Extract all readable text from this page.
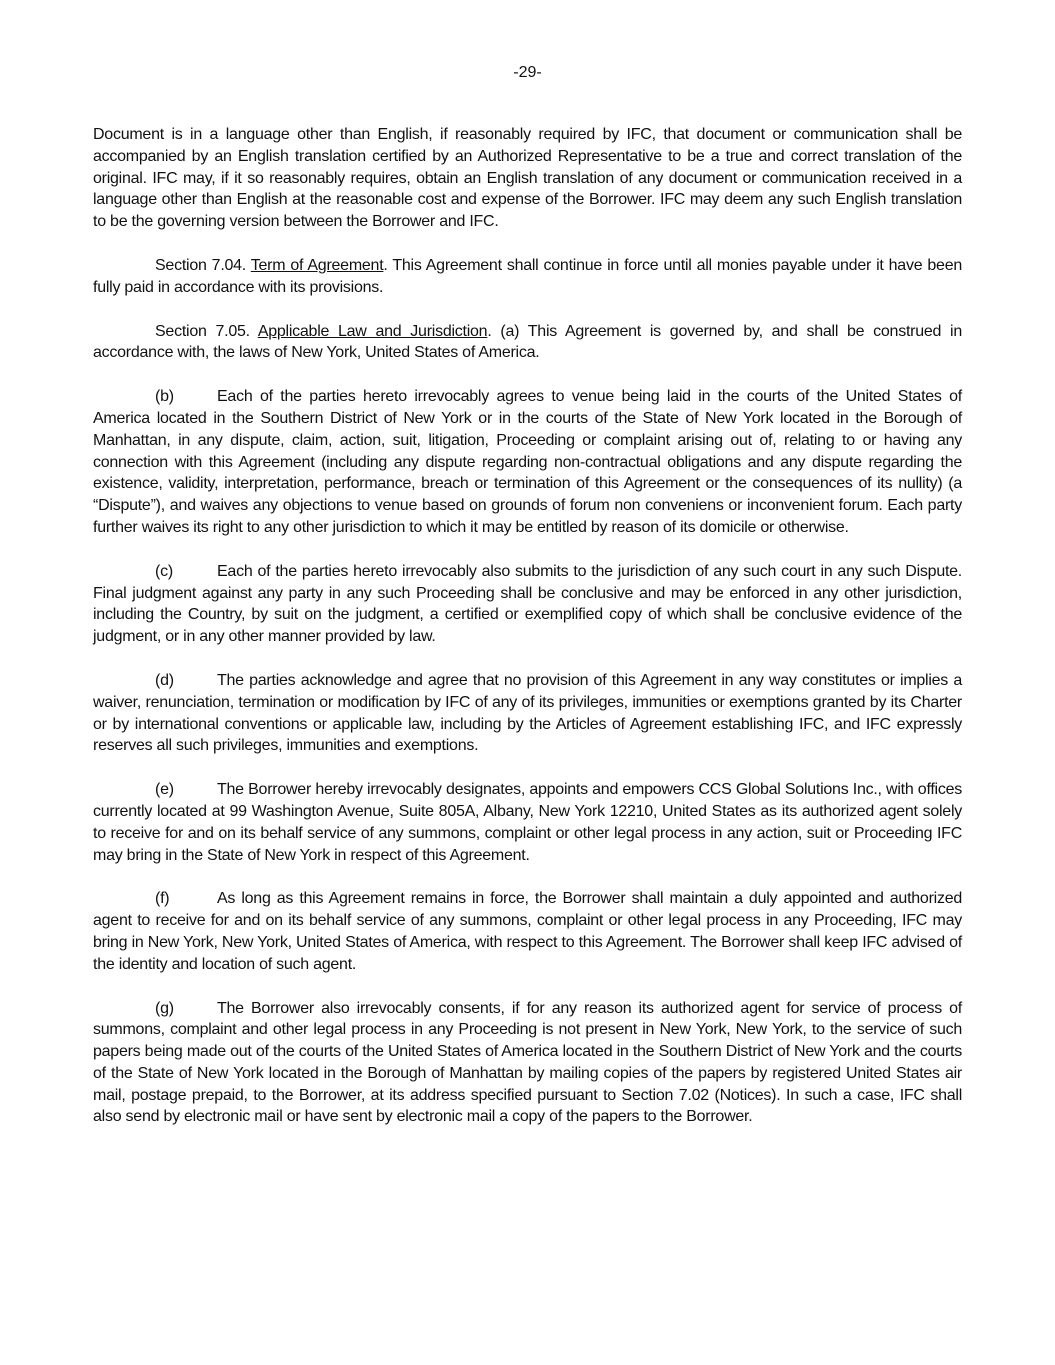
-29-

Document is in a language other than English, if reasonably required by IFC, that document or communication shall be accompanied by an English translation certified by an Authorized Representative to be a true and correct translation of the original. IFC may, if it so reasonably requires, obtain an English translation of any document or communication received in a language other than English at the reasonable cost and expense of the Borrower. IFC may deem any such English translation to be the governing version between the Borrower and IFC.

Section 7.04. Term of Agreement. This Agreement shall continue in force until all monies payable under it have been fully paid in accordance with its provisions.

Section 7.05. Applicable Law and Jurisdiction. (a) This Agreement is governed by, and shall be construed in accordance with, the laws of New York, United States of America.

(b)	Each of the parties hereto irrevocably agrees to venue being laid in the courts of the United States of America located in the Southern District of New York or in the courts of the State of New York located in the Borough of Manhattan, in any dispute, claim, action, suit, litigation, Proceeding or complaint arising out of, relating to or having any connection with this Agreement (including any dispute regarding non-contractual obligations and any dispute regarding the existence, validity, interpretation, performance, breach or termination of this Agreement or the consequences of its nullity) (a “Dispute”), and waives any objections to venue based on grounds of forum non conveniens or inconvenient forum. Each party further waives its right to any other jurisdiction to which it may be entitled by reason of its domicile or otherwise.

(c)	Each of the parties hereto irrevocably also submits to the jurisdiction of any such court in any such Dispute. Final judgment against any party in any such Proceeding shall be conclusive and may be enforced in any other jurisdiction, including the Country, by suit on the judgment, a certified or exemplified copy of which shall be conclusive evidence of the judgment, or in any other manner provided by law.

(d)	The parties acknowledge and agree that no provision of this Agreement in any way constitutes or implies a waiver, renunciation, termination or modification by IFC of any of its privileges, immunities or exemptions granted by its Charter or by international conventions or applicable law, including by the Articles of Agreement establishing IFC, and IFC expressly reserves all such privileges, immunities and exemptions.

(e)	The Borrower hereby irrevocably designates, appoints and empowers CCS Global Solutions Inc., with offices currently located at 99 Washington Avenue, Suite 805A, Albany, New York 12210, United States as its authorized agent solely to receive for and on its behalf service of any summons, complaint or other legal process in any action, suit or Proceeding IFC may bring in the State of New York in respect of this Agreement.

(f)	As long as this Agreement remains in force, the Borrower shall maintain a duly appointed and authorized agent to receive for and on its behalf service of any summons, complaint or other legal process in any Proceeding, IFC may bring in New York, New York, United States of America, with respect to this Agreement. The Borrower shall keep IFC advised of the identity and location of such agent.

(g)	The Borrower also irrevocably consents, if for any reason its authorized agent for service of process of summons, complaint and other legal process in any Proceeding is not present in New York, New York, to the service of such papers being made out of the courts of the United States of America located in the Southern District of New York and the courts of the State of New York located in the Borough of Manhattan by mailing copies of the papers by registered United States air mail, postage prepaid, to the Borrower, at its address specified pursuant to Section 7.02 (Notices). In such a case, IFC shall also send by electronic mail or have sent by electronic mail a copy of the papers to the Borrower.
